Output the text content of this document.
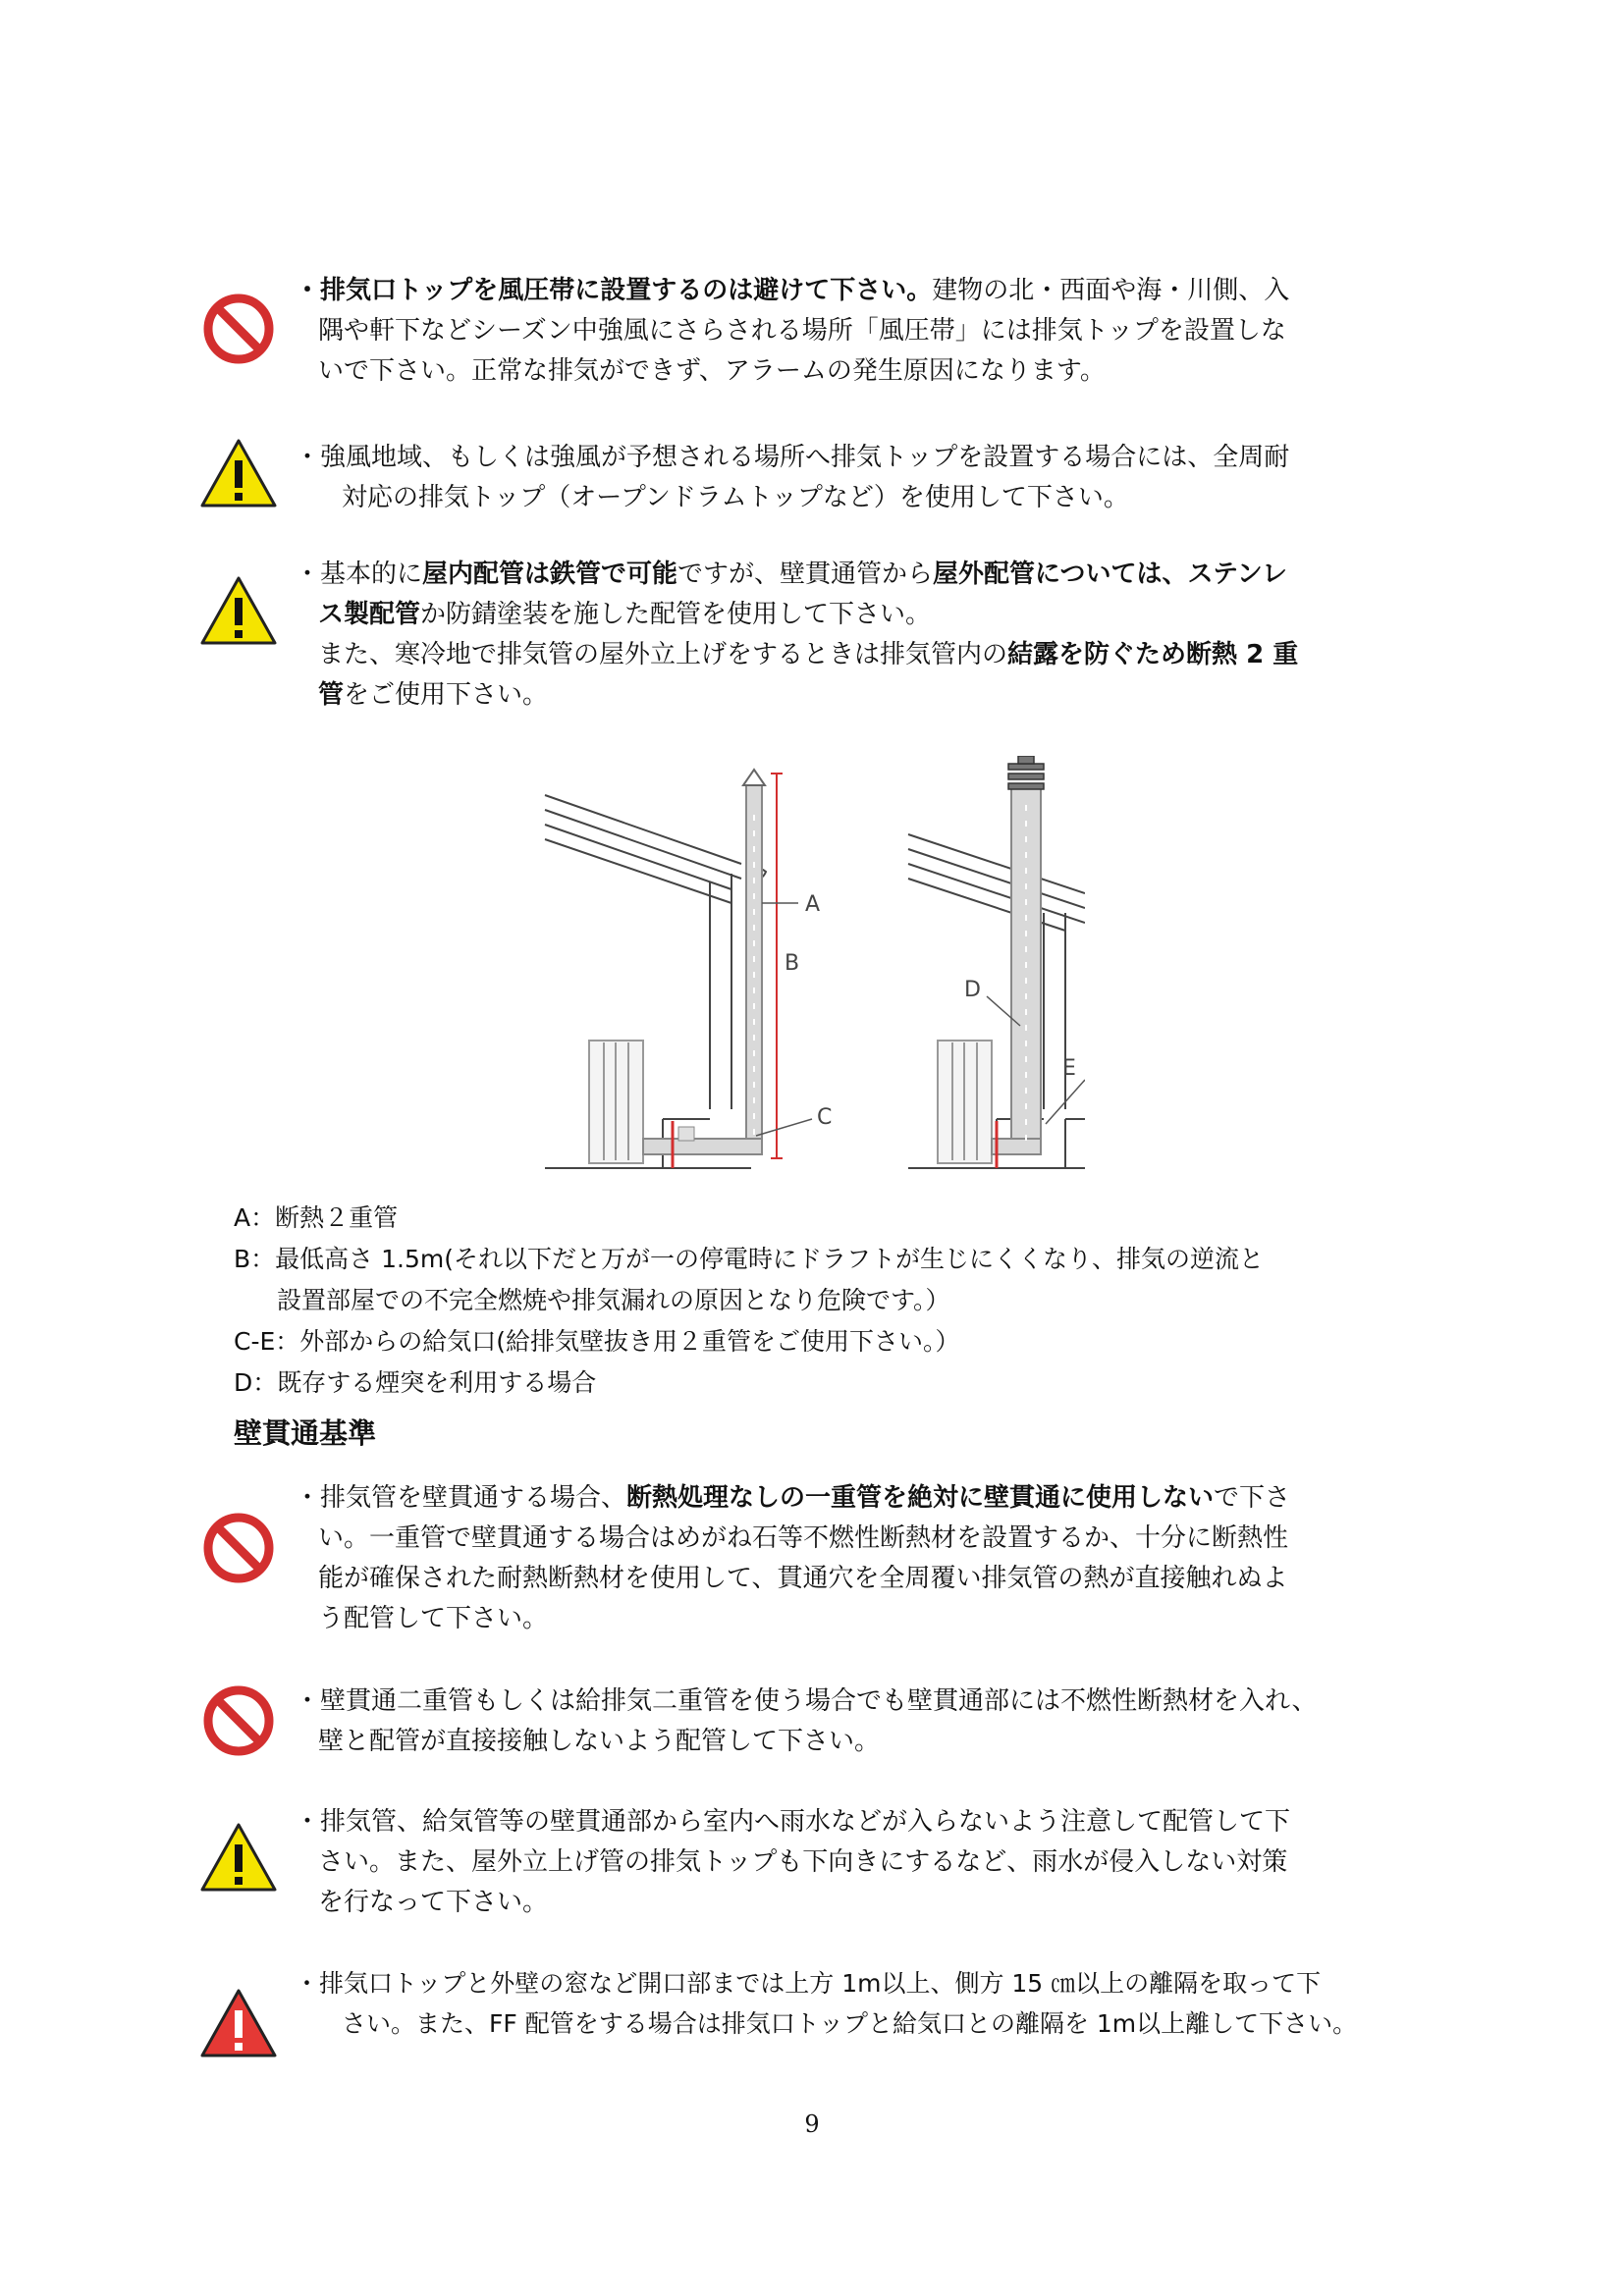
・排気口トップを風圧帯に設置するのは避けて下さい。建物の北・西面や海・川側、入

隅や軒下などシーズン中強風にさらされる場所「風圧帯」には排気トップを設置しな

いで下さい。正常な排気ができず、アラームの発生原因になります。

・強風地域、もしくは強風が予想される場所へ排気トップを設置する場合には、全周耐

対応の排気トップ（オープンドラムトップなど）を使用して下さい。

・基本的に屋内配管は鉄管で可能ですが、壁貫通管から屋外配管については、ステンレ

ス製配管か防錆塗装を施した配管を使用して下さい。

また、寒冷地で排気管の屋外立上げをするときは排気管内の結露を防ぐため断熱 2 重

管をご使用下さい。

A
B
C
D
E

A：断熱２重管

B：最低高さ 1.5m(それ以下だと万が一の停電時にドラフトが生じにくくなり、排気の逆流と

設置部屋での不完全燃焼や排気漏れの原因となり危険です。）

C-E：外部からの給気口(給排気壁抜き用２重管をご使用下さい。）

D：既存する煙突を利用する場合

壁貫通基準

・排気管を壁貫通する場合、断熱処理なしの一重管を絶対に壁貫通に使用しないで下さ

い。一重管で壁貫通する場合はめがね石等不燃性断熱材を設置するか、十分に断熱性

能が確保された耐熱断熱材を使用して、貫通穴を全周覆い排気管の熱が直接触れぬよ

う配管して下さい。

・壁貫通二重管もしくは給排気二重管を使う場合でも壁貫通部には不燃性断熱材を入れ、

壁と配管が直接接触しないよう配管して下さい。

・排気管、給気管等の壁貫通部から室内へ雨水などが入らないよう注意して配管して下

さい。また、屋外立上げ管の排気トップも下向きにするなど、雨水が侵入しない対策

を行なって下さい。

・排気口トップと外壁の窓など開口部までは上方 1m以上、側方 15 ㎝以上の離隔を取って下

さい。また、FF 配管をする場合は排気口トップと給気口との離隔を 1m以上離して下さい。

9
